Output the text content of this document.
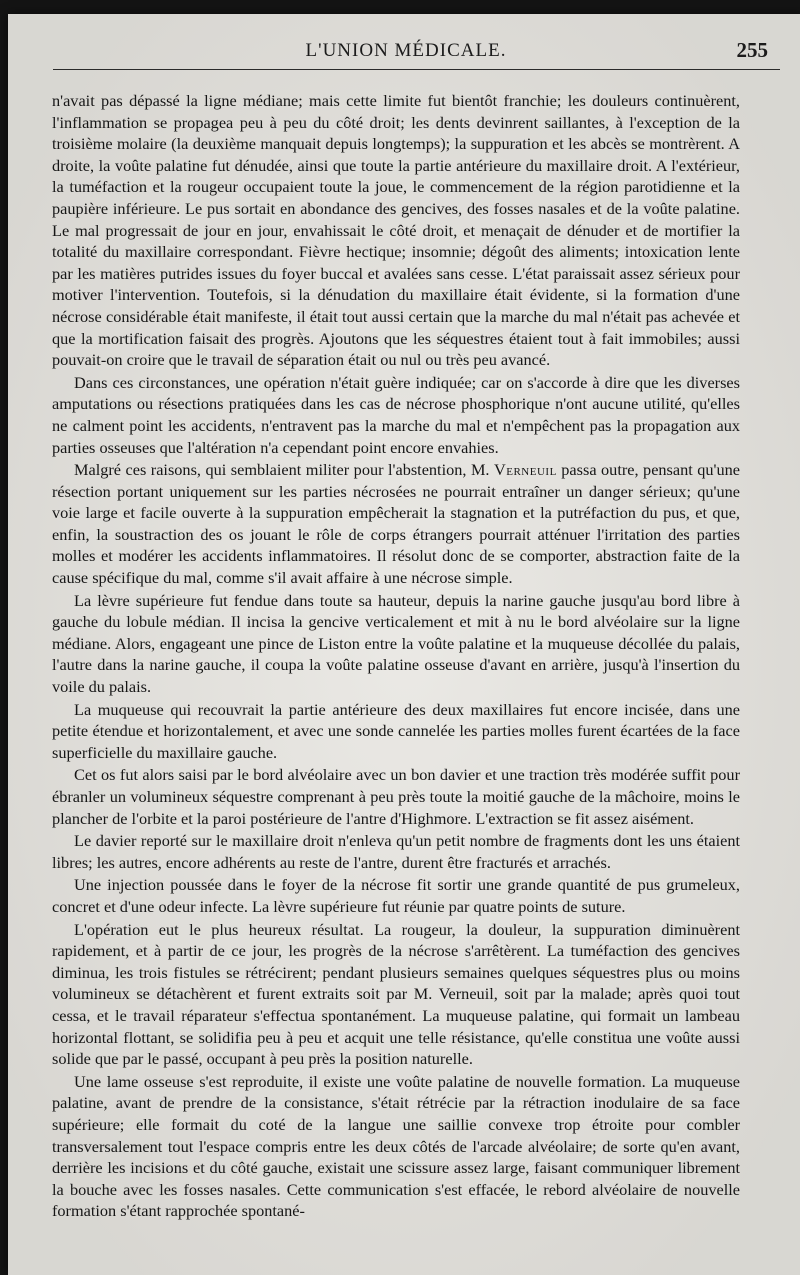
L'UNION MÉDICALE.	255

n'avait pas dépassé la ligne médiane; mais cette limite fut bientôt franchie; les douleurs continuèrent, l'inflammation se propagea peu à peu du côté droit; les dents devinrent saillantes, à l'exception de la troisième molaire (la deuxième manquait depuis longtemps); la suppuration et les abcès se montrèrent. A droite, la voûte palatine fut dénudée, ainsi que toute la partie antérieure du maxillaire droit. A l'extérieur, la tuméfaction et la rougeur occupaient toute la joue, le commencement de la région parotidienne et la paupière inférieure. Le pus sortait en abondance des gencives, des fosses nasales et de la voûte palatine. Le mal progressait de jour en jour, envahissait le côté droit, et menaçait de dénuder et de mortifier la totalité du maxillaire correspondant. Fièvre hectique; insomnie; dégoût des aliments; intoxication lente par les matières putrides issues du foyer buccal et avalées sans cesse. L'état paraissait assez sérieux pour motiver l'intervention. Toutefois, si la dénudation du maxillaire était évidente, si la formation d'une nécrose considérable était manifeste, il était tout aussi certain que la marche du mal n'était pas achevée et que la mortification faisait des progrès. Ajoutons que les séquestres étaient tout à fait immobiles; aussi pouvait-on croire que le travail de séparation était ou nul ou très peu avancé.

Dans ces circonstances, une opération n'était guère indiquée; car on s'accorde à dire que les diverses amputations ou résections pratiquées dans les cas de nécrose phosphorique n'ont aucune utilité, qu'elles ne calment point les accidents, n'entravent pas la marche du mal et n'empêchent pas la propagation aux parties osseuses que l'altération n'a cependant point encore envahies.

Malgré ces raisons, qui semblaient militer pour l'abstention, M. Verneuil passa outre, pensant qu'une résection portant uniquement sur les parties nécrosées ne pourrait entraîner un danger sérieux; qu'une voie large et facile ouverte à la suppuration empêcherait la stagnation et la putréfaction du pus, et que, enfin, la soustraction des os jouant le rôle de corps étrangers pourrait atténuer l'irritation des parties molles et modérer les accidents inflammatoires. Il résolut donc de se comporter, abstraction faite de la cause spécifique du mal, comme s'il avait affaire à une nécrose simple.

La lèvre supérieure fut fendue dans toute sa hauteur, depuis la narine gauche jusqu'au bord libre à gauche du lobule médian. Il incisa la gencive verticalement et mit à nu le bord alvéolaire sur la ligne médiane. Alors, engageant une pince de Liston entre la voûte palatine et la muqueuse décollée du palais, l'autre dans la narine gauche, il coupa la voûte palatine osseuse d'avant en arrière, jusqu'à l'insertion du voile du palais.

La muqueuse qui recouvrait la partie antérieure des deux maxillaires fut encore incisée, dans une petite étendue et horizontalement, et avec une sonde cannelée les parties molles furent écartées de la face superficielle du maxillaire gauche.

Cet os fut alors saisi par le bord alvéolaire avec un bon davier et une traction très modérée suffit pour ébranler un volumineux séquestre comprenant à peu près toute la moitié gauche de la mâchoire, moins le plancher de l'orbite et la paroi postérieure de l'antre d'Highmore. L'extraction se fit assez aisément.

Le davier reporté sur le maxillaire droit n'enleva qu'un petit nombre de fragments dont les uns étaient libres; les autres, encore adhérents au reste de l'antre, durent être fracturés et arrachés.

Une injection poussée dans le foyer de la nécrose fit sortir une grande quantité de pus grumeleux, concret et d'une odeur infecte. La lèvre supérieure fut réunie par quatre points de suture.

L'opération eut le plus heureux résultat. La rougeur, la douleur, la suppuration diminuèrent rapidement, et à partir de ce jour, les progrès de la nécrose s'arrêtèrent. La tuméfaction des gencives diminua, les trois fistules se rétrécirent; pendant plusieurs semaines quelques séquestres plus ou moins volumineux se détachèrent et furent extraits soit par M. Verneuil, soit par la malade; après quoi tout cessa, et le travail réparateur s'effectua spontanément. La muqueuse palatine, qui formait un lambeau horizontal flottant, se solidifia peu à peu et acquit une telle résistance, qu'elle constitua une voûte aussi solide que par le passé, occupant à peu près la position naturelle.

Une lame osseuse s'est reproduite, il existe une voûte palatine de nouvelle formation. La muqueuse palatine, avant de prendre de la consistance, s'était rétrécie par la rétraction inodulaire de sa face supérieure; elle formait du coté de la langue une saillie convexe trop étroite pour combler transversalement tout l'espace compris entre les deux côtés de l'arcade alvéolaire; de sorte qu'en avant, derrière les incisions et du côté gauche, existait une scissure assez large, faisant communiquer librement la bouche avec les fosses nasales. Cette communication s'est effacée, le rebord alvéolaire de nouvelle formation s'étant rapprochée spontané-
